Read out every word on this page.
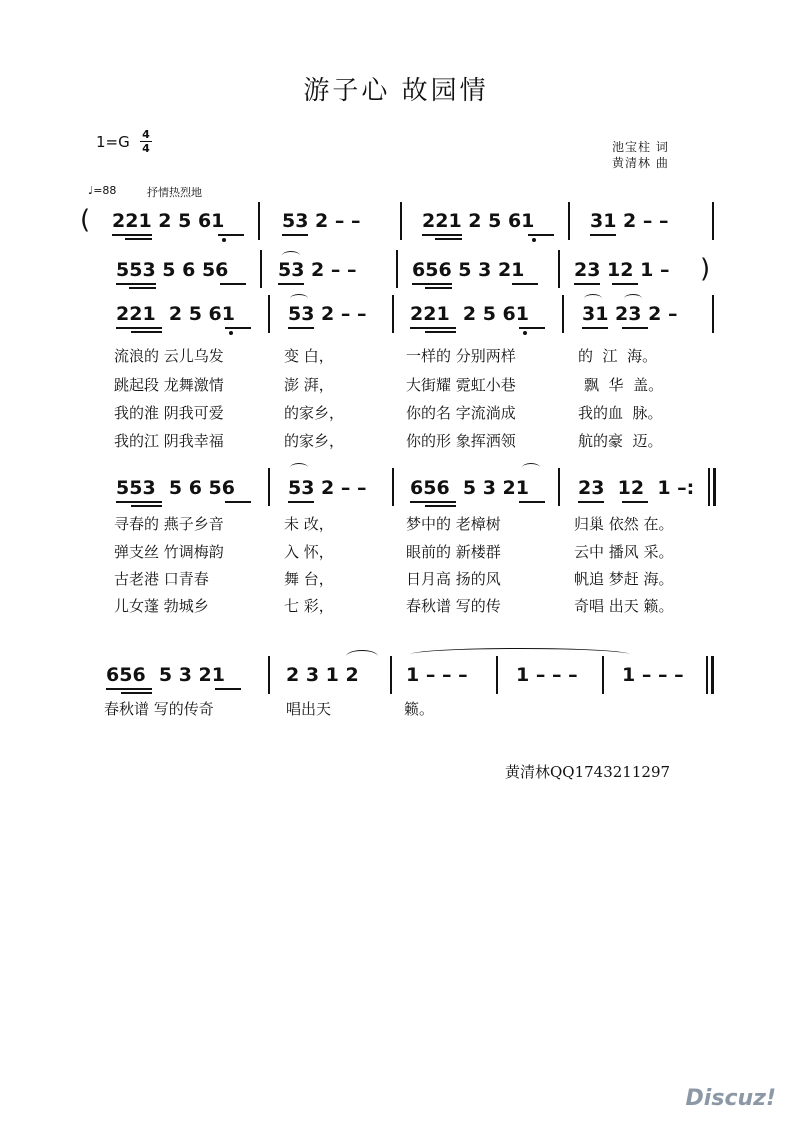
游子心 故园情
1=G 4
4	池宝柱 词
黄清林 曲
♩=88	抒情热烈地
( 221 2 5 61	53 2 – –	221 2 5 61	31 2 – –
553 5 6 56	53 2 – –	656 5 3 21	23 12 1 – )
221  2 5 61	53 2 – – 221  2 5 61	31 23 2 –
流浪的 云儿乌发	变 白，	一样的 分别两样	的  江  海。
跳起段 龙舞激情	澎 湃，	大街耀 霓虹小巷	飘  华  盖。
我的淮 阴我可爱	的家乡，	你的名 字流淌成	我的血  脉。
我的江 阴我幸福	的家乡，	你的形 象挥洒领	航的豪  迈。
553  5 6 56	53 2 – – 656  5 3 21	23  12  1 –:
寻春的 燕子乡音	未 改，	梦中的 老樟树	归巢 依然 在。
弹支丝 竹调梅韵	入 怀，	眼前的 新楼群	云中 播风 采。
古老港 口青春	舞 台，	日月高 扬的风	帆追 梦赶 海。
儿女蓬 勃城乡	七 彩，	春秋谱 写的传	奇唱 出天 籁。
656  5 3 21	2 3 1 2 1 – – –	1 – – – 1 – – –
春秋谱 写的传奇	唱出天	籁。
黄清林QQ1743211297
Discuz!
